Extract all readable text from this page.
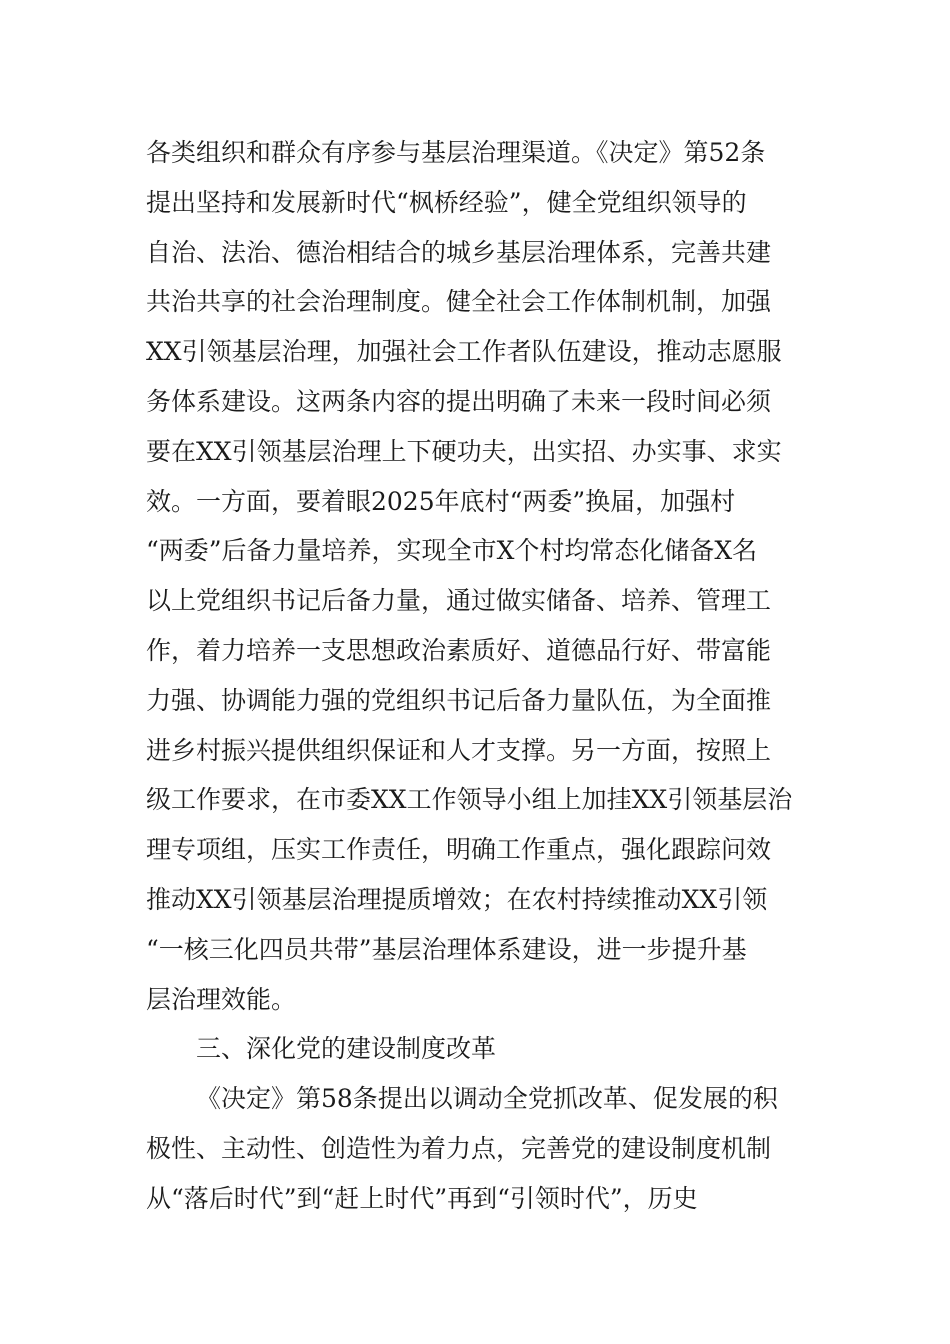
各类组织和群众有序参与基层治理渠道。《决定》第52条
提出坚持和发展新时代“枫桥经验”，健全党组织领导的
自治、法治、德治相结合的城乡基层治理体系，完善共建
共治共享的社会治理制度。健全社会工作体制机制，加强
XX引领基层治理，加强社会工作者队伍建设，推动志愿服
务体系建设。这两条内容的提出明确了未来一段时间必须
要在XX引领基层治理上下硬功夫，出实招、办实事、求实
效。一方面，要着眼2025年底村“两委”换届，加强村
“两委”后备力量培养，实现全市X个村均常态化储备X名
以上党组织书记后备力量，通过做实储备、培养、管理工
作，着力培养一支思想政治素质好、道德品行好、带富能
力强、协调能力强的党组织书记后备力量队伍，为全面推
进乡村振兴提供组织保证和人才支撑。另一方面，按照上
级工作要求，在市委XX工作领导小组上加挂XX引领基层治
理专项组，压实工作责任，明确工作重点，强化跟踪问效
推动XX引领基层治理提质增效；在农村持续推动XX引领
“一核三化四员共带”基层治理体系建设，进一步提升基
层治理效能。
三、深化党的建设制度改革
《决定》第58条提出以调动全党抓改革、促发展的积
极性、主动性、创造性为着力点，完善党的建设制度机制
从“落后时代”到“赶上时代”再到“引领时代”，历史
